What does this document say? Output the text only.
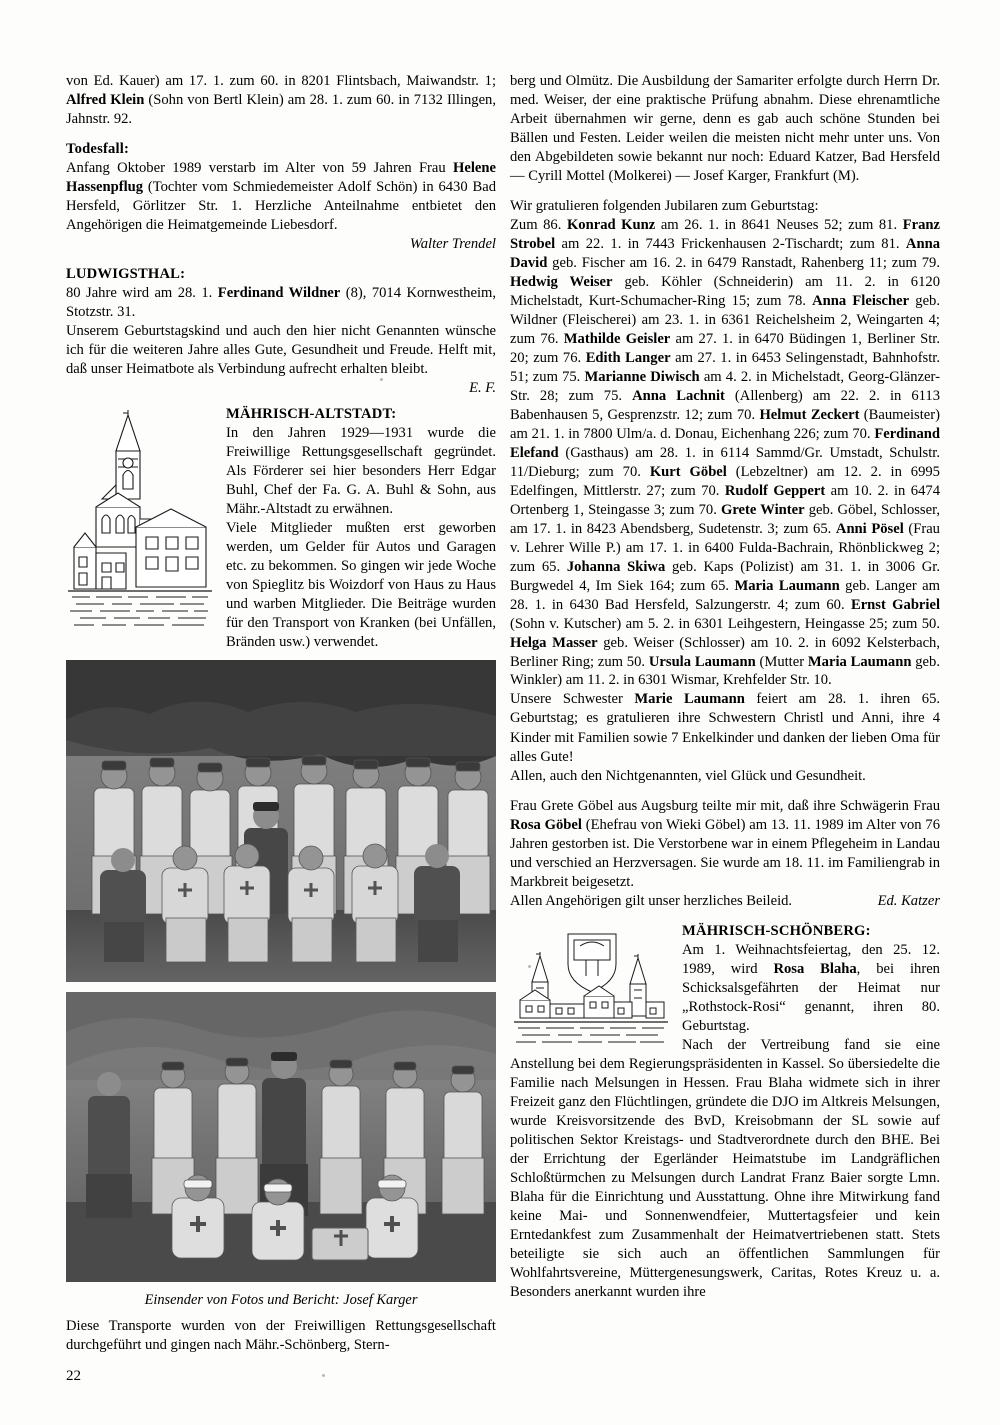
von Ed. Kauer) am 17. 1. zum 60. in 8201 Flintsbach, Maiwandstr. 1; Alfred Klein (Sohn von Bertl Klein) am 28. 1. zum 60. in 7132 Illingen, Jahnstr. 92.

Todesfall:

Anfang Oktober 1989 verstarb im Alter von 59 Jahren Frau Helene Hassenpflug (Tochter vom Schmiedemeister Adolf Schön) in 6430 Bad Hersfeld, Görlitzer Str. 1. Herzliche Anteilnahme entbietet den Angehörigen die Heimatgemeinde Liebesdorf.

Walter Trendel

LUDWIGSTHAL:

80 Jahre wird am 28. 1. Ferdinand Wildner (8), 7014 Kornwestheim, Stotzstr. 31.

Unserem Geburtstagskind und auch den hier nicht Genannten wünsche ich für die weiteren Jahre alles Gute, Gesundheit und Freude. Helft mit, daß unser Heimatbote als Verbindung aufrecht erhalten bleibt.

E. F.

MÄHRISCH-ALTSTADT:

In den Jahren 1929—1931 wurde die Freiwillige Rettungsgesellschaft gegründet. Als Förderer sei hier besonders Herr Edgar Buhl, Chef der Fa. G. A. Buhl & Sohn, aus Mähr.-Altstadt zu erwähnen.

Viele Mitglieder mußten erst geworben werden, um Gelder für Autos und Garagen etc. zu bekommen. So gingen wir jede Woche von Spieglitz bis Woizdorf von Haus zu Haus und warben Mitglieder. Die Beiträge wurden für den Transport von Kranken (bei Unfällen, Bränden usw.) verwendet.

Einsender von Fotos und Bericht: Josef Karger

Diese Transporte wurden von der Freiwilligen Rettungsgesellschaft durchgeführt und gingen nach Mähr.-Schönberg, Stern-

berg und Olmütz. Die Ausbildung der Samariter erfolgte durch Herrn Dr. med. Weiser, der eine praktische Prüfung abnahm. Diese ehrenamtliche Arbeit übernahmen wir gerne, denn es gab auch schöne Stunden bei Bällen und Festen. Leider weilen die meisten nicht mehr unter uns. Von den Abgebildeten sowie bekannt nur noch: Eduard Katzer, Bad Hersfeld — Cyrill Mottel (Molkerei) — Josef Karger, Frankfurt (M).

Wir gratulieren folgenden Jubilaren zum Geburtstag:

Zum 86. Konrad Kunz am 26. 1. in 8641 Neuses 52; zum 81. Franz Strobel am 22. 1. in 7443 Frickenhausen 2-Tischardt; zum 81. Anna David geb. Fischer am 16. 2. in 6479 Ranstadt, Rahenberg 11; zum 79. Hedwig Weiser geb. Köhler (Schneiderin) am 11. 2. in 6120 Michelstadt, Kurt-Schumacher-Ring 15; zum 78. Anna Fleischer geb. Wildner (Fleischerei) am 23. 1. in 6361 Reichelsheim 2, Weingarten 4; zum 76. Mathilde Geisler am 27. 1. in 6470 Büdingen 1, Berliner Str. 20; zum 76. Edith Langer am 27. 1. in 6453 Selingenstadt, Bahnhofstr. 51; zum 75. Marianne Diwisch am 4. 2. in Michelstadt, Georg-Glänzer-Str. 28; zum 75. Anna Lachnit (Allenberg) am 22. 2. in 6113 Babenhausen 5, Gesprenzstr. 12; zum 70. Helmut Zeckert (Baumeister) am 21. 1. in 7800 Ulm/a. d. Donau, Eichenhang 226; zum 70. Ferdinand Elefand (Gasthaus) am 28. 1. in 6114 Sammd/Gr. Umstadt, Schulstr. 11/Dieburg; zum 70. Kurt Göbel (Lebzeltner) am 12. 2. in 6995 Edelfingen, Mittlerstr. 27; zum 70. Rudolf Geppert am 10. 2. in 6474 Ortenberg 1, Steingasse 3; zum 70. Grete Winter geb. Göbel, Schlosser, am 17. 1. in 8423 Abendsberg, Sudetenstr. 3; zum 65. Anni Pösel (Frau v. Lehrer Wille P.) am 17. 1. in 6400 Fulda-Bachrain, Rhönblickweg 2; zum 65. Johanna Skiwa geb. Kaps (Polizist) am 31. 1. in 3006 Gr. Burgwedel 4, Im Siek 164; zum 65. Maria Laumann geb. Langer am 28. 1. in 6430 Bad Hersfeld, Salzungerstr. 4; zum 60. Ernst Gabriel (Sohn v. Kutscher) am 5. 2. in 6301 Leihgestern, Heingasse 25; zum 50. Helga Masser geb. Weiser (Schlosser) am 10. 2. in 6092 Kelsterbach, Berliner Ring; zum 50. Ursula Laumann (Mutter Maria Laumann geb. Winkler) am 11. 2. in 6301 Wismar, Krehfelder Str. 10.

Unsere Schwester Marie Laumann feiert am 28. 1. ihren 65. Geburtstag; es gratulieren ihre Schwestern Christl und Anni, ihre 4 Kinder mit Familien sowie 7 Enkelkinder und danken der lieben Oma für alles Gute!

Allen, auch den Nichtgenannten, viel Glück und Gesundheit.

Frau Grete Göbel aus Augsburg teilte mir mit, daß ihre Schwägerin Frau Rosa Göbel (Ehefrau von Wieki Göbel) am 13. 11. 1989 im Alter von 76 Jahren gestorben ist. Die Verstorbene war in einem Pflegeheim in Landau und verschied an Herzversagen. Sie wurde am 18. 11. im Familiengrab in Markbreit beigesetzt.

Allen Angehörigen gilt unser herzliches Beileid.	Ed. Katzer

MÄHRISCH-SCHÖNBERG:

Am 1. Weihnachtsfeiertag, den 25. 12. 1989, wird Rosa Blaha, bei ihren Schicksalsgefährten der Heimat nur „Rothstock-Rosi“ genannt, ihren 80. Geburtstag.

Nach der Vertreibung fand sie eine Anstellung bei dem Regierungspräsidenten in Kassel. So übersiedelte die Familie nach Melsungen in Hessen. Frau Blaha widmete sich in ihrer Freizeit ganz den Flüchtlingen, gründete die DJO im Altkreis Melsungen, wurde Kreisvorsitzende des BvD, Kreisobmann der SL sowie auf politischen Sektor Kreistags- und Stadtverordnete durch den BHE. Bei der Errichtung der Egerländer Heimatstube im Landgräflichen Schloßtürmchen zu Melsungen durch Landrat Franz Baier sorgte Lmn. Blaha für die Einrichtung und Ausstattung. Ohne ihre Mitwirkung fand keine Mai- und Sonnenwendfeier, Muttertagsfeier und kein Erntedankfest zum Zusammenhalt der Heimatvertriebenen statt. Stets beteiligte sie sich auch an öffentlichen Sammlungen für Wohlfahrtsvereine, Müttergenesungswerk, Caritas, Rotes Kreuz u. a. Besonders anerkannt wurden ihre

22
